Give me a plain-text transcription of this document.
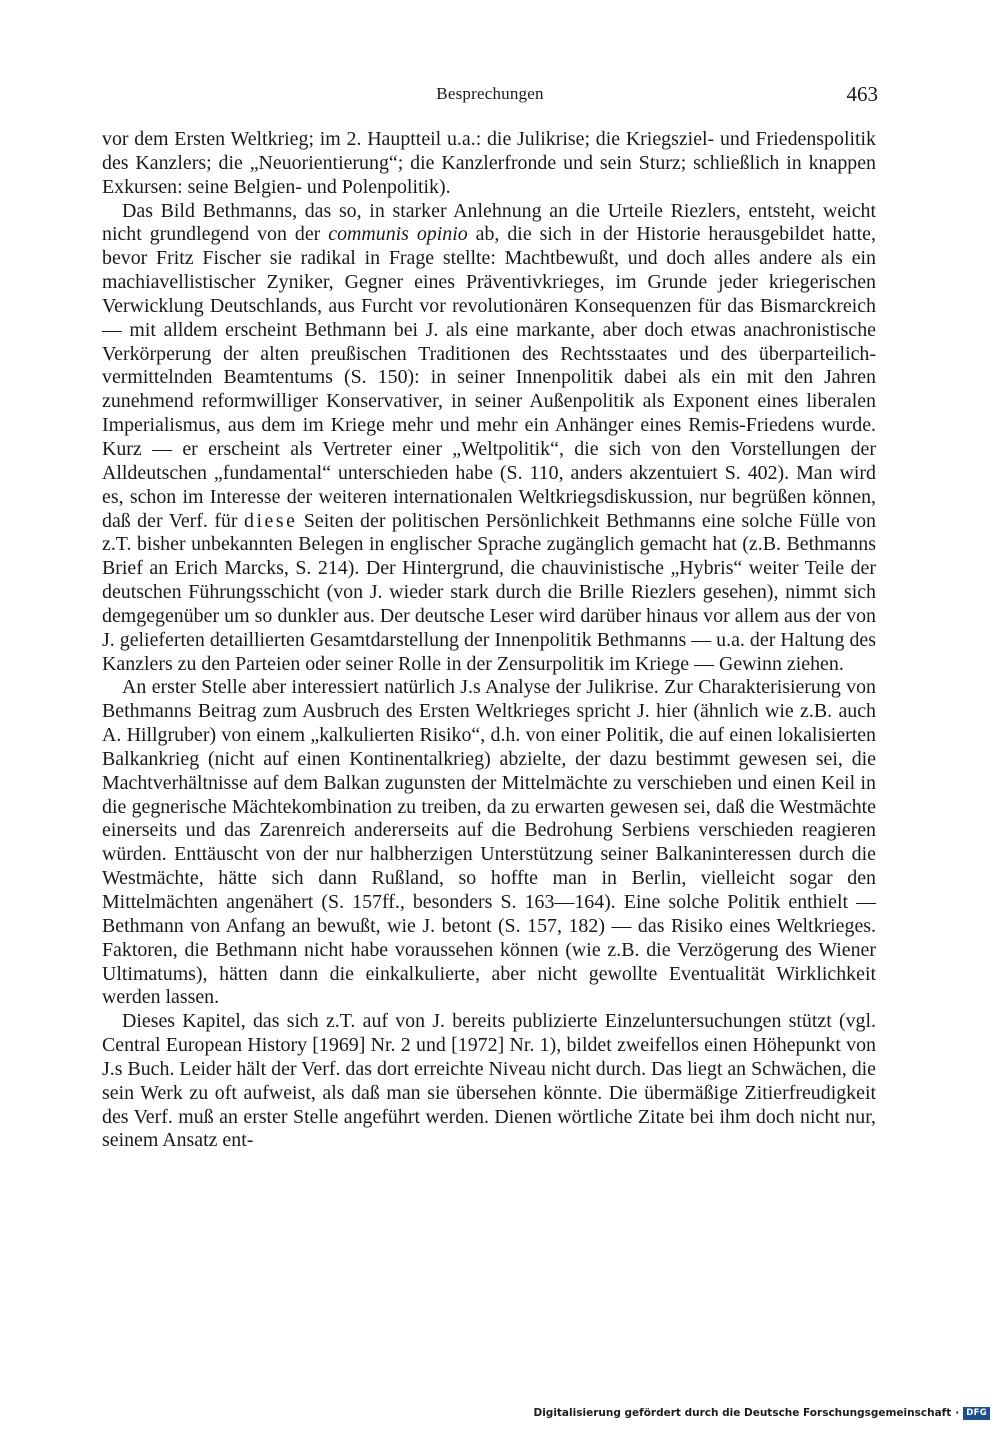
Besprechungen	463

vor dem Ersten Weltkrieg; im 2. Hauptteil u.a.: die Julikrise; die Kriegsziel- und Friedenspolitik des Kanzlers; die „Neuorientierung“; die Kanzlerfronde und sein Sturz; schließlich in knappen Exkursen: seine Belgien- und Polenpolitik).

Das Bild Bethmanns, das so, in starker Anlehnung an die Urteile Riezlers, entsteht, weicht nicht grundlegend von der communis opinio ab, die sich in der Historie herausgebildet hatte, bevor Fritz Fischer sie radikal in Frage stellte: Machtbewußt, und doch alles andere als ein machiavellistischer Zyniker, Gegner eines Präventivkrieges, im Grunde jeder kriegerischen Verwicklung Deutschlands, aus Furcht vor revolutionären Konsequenzen für das Bismarckreich — mit alldem erscheint Bethmann bei J. als eine markante, aber doch etwas anachronistische Verkörperung der alten preußischen Traditionen des Rechtsstaates und des überparteilich-vermittelnden Beamtentums (S. 150): in seiner Innenpolitik dabei als ein mit den Jahren zunehmend reformwilliger Konservativer, in seiner Außenpolitik als Exponent eines liberalen Imperialismus, aus dem im Kriege mehr und mehr ein Anhänger eines Remis-Friedens wurde. Kurz — er erscheint als Vertreter einer „Weltpolitik“, die sich von den Vorstellungen der Alldeutschen „fundamental“ unterschieden habe (S. 110, anders akzentuiert S. 402). Man wird es, schon im Interesse der weiteren internationalen Weltkriegsdiskussion, nur begrüßen können, daß der Verf. für diese Seiten der politischen Persönlichkeit Bethmanns eine solche Fülle von z.T. bisher unbekannten Belegen in englischer Sprache zugänglich gemacht hat (z.B. Bethmanns Brief an Erich Marcks, S. 214). Der Hintergrund, die chauvinistische „Hybris“ weiter Teile der deutschen Führungsschicht (von J. wieder stark durch die Brille Riezlers gesehen), nimmt sich demgegenüber um so dunkler aus. Der deutsche Leser wird darüber hinaus vor allem aus der von J. gelieferten detaillierten Gesamtdarstellung der Innenpolitik Bethmanns — u.a. der Haltung des Kanzlers zu den Parteien oder seiner Rolle in der Zensurpolitik im Kriege — Gewinn ziehen.

An erster Stelle aber interessiert natürlich J.s Analyse der Julikrise. Zur Charakterisierung von Bethmanns Beitrag zum Ausbruch des Ersten Weltkrieges spricht J. hier (ähnlich wie z.B. auch A. Hillgruber) von einem „kalkulierten Risiko“, d.h. von einer Politik, die auf einen lokalisierten Balkankrieg (nicht auf einen Kontinentalkrieg) abzielte, der dazu bestimmt gewesen sei, die Machtverhältnisse auf dem Balkan zugunsten der Mittelmächte zu verschieben und einen Keil in die gegnerische Mächtekombination zu treiben, da zu erwarten gewesen sei, daß die Westmächte einerseits und das Zarenreich andererseits auf die Bedrohung Serbiens verschieden reagieren würden. Enttäuscht von der nur halbherzigen Unterstützung seiner Balkaninteressen durch die Westmächte, hätte sich dann Rußland, so hoffte man in Berlin, vielleicht sogar den Mittelmächten angenähert (S. 157ff., besonders S. 163—164). Eine solche Politik enthielt — Bethmann von Anfang an bewußt, wie J. betont (S. 157, 182) — das Risiko eines Weltkrieges. Faktoren, die Bethmann nicht habe voraussehen können (wie z.B. die Verzögerung des Wiener Ultimatums), hätten dann die einkalkulierte, aber nicht gewollte Eventualität Wirklichkeit werden lassen.

Dieses Kapitel, das sich z.T. auf von J. bereits publizierte Einzeluntersuchungen stützt (vgl. Central European History [1969] Nr. 2 und [1972] Nr. 1), bildet zweifellos einen Höhepunkt von J.s Buch. Leider hält der Verf. das dort erreichte Niveau nicht durch. Das liegt an Schwächen, die sein Werk zu oft aufweist, als daß man sie übersehen könnte. Die übermäßige Zitierfreudigkeit des Verf. muß an erster Stelle angeführt werden. Dienen wörtliche Zitate bei ihm doch nicht nur, seinem Ansatz ent-

Digitalisierung gefördert durch die Deutsche Forschungsgemeinschaft · DFG
